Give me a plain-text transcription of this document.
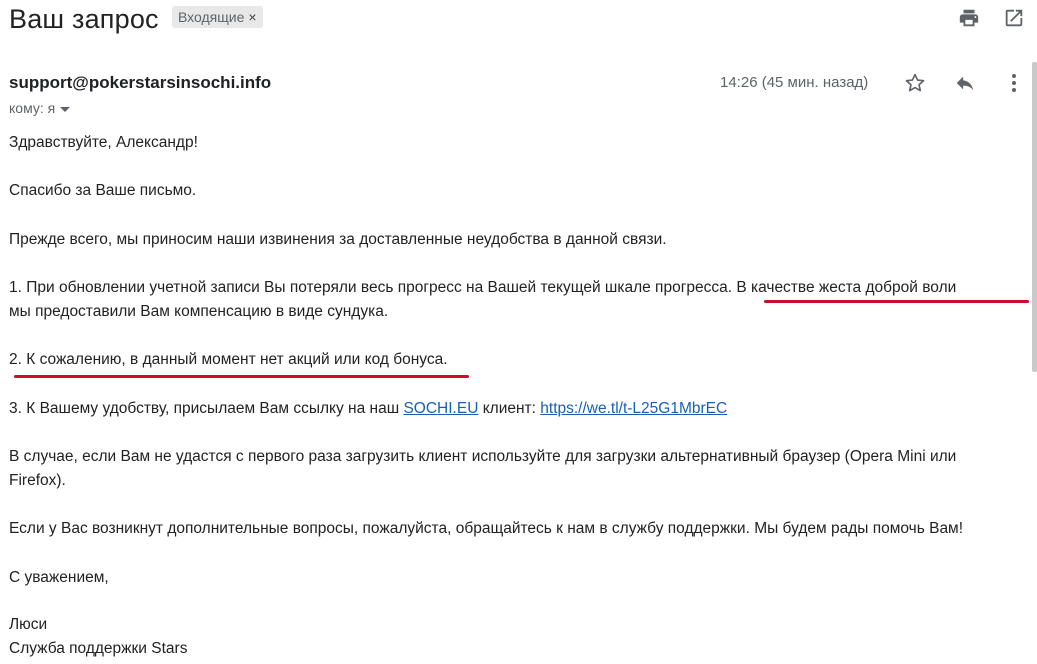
Ваш запрос Входящие ×
support@pokerstarsinsochi.info
кому: я
14:26 (45 мин. назад)
Здравствуйте, Александр!
Спасибо за Ваше письмо.
Прежде всего, мы приносим наши извинения за доставленные неудобства в данной связи.
1. При обновлении учетной записи Вы потеряли весь прогресс на Вашей текущей шкале прогресса. В качестве жеста доброй воли
мы предоставили Вам компенсацию в виде сундука.
2. К сожалению, в данный момент нет акций или код бонуса.
3. К Вашему удобству, присылаем Вам ссылку на наш SOCHI.EU клиент: https://we.tl/t-L25G1MbrEC
В случае, если Вам не удастся с первого раза загрузить клиент используйте для загрузки альтернативный браузер (Opera Mini или
Firefox).
Если у Вас возникнут дополнительные вопросы, пожалуйста, обращайтесь к нам в службу поддержки. Мы будем рады помочь Вам!
С уважением,
Люси
Служба поддержки Stars
